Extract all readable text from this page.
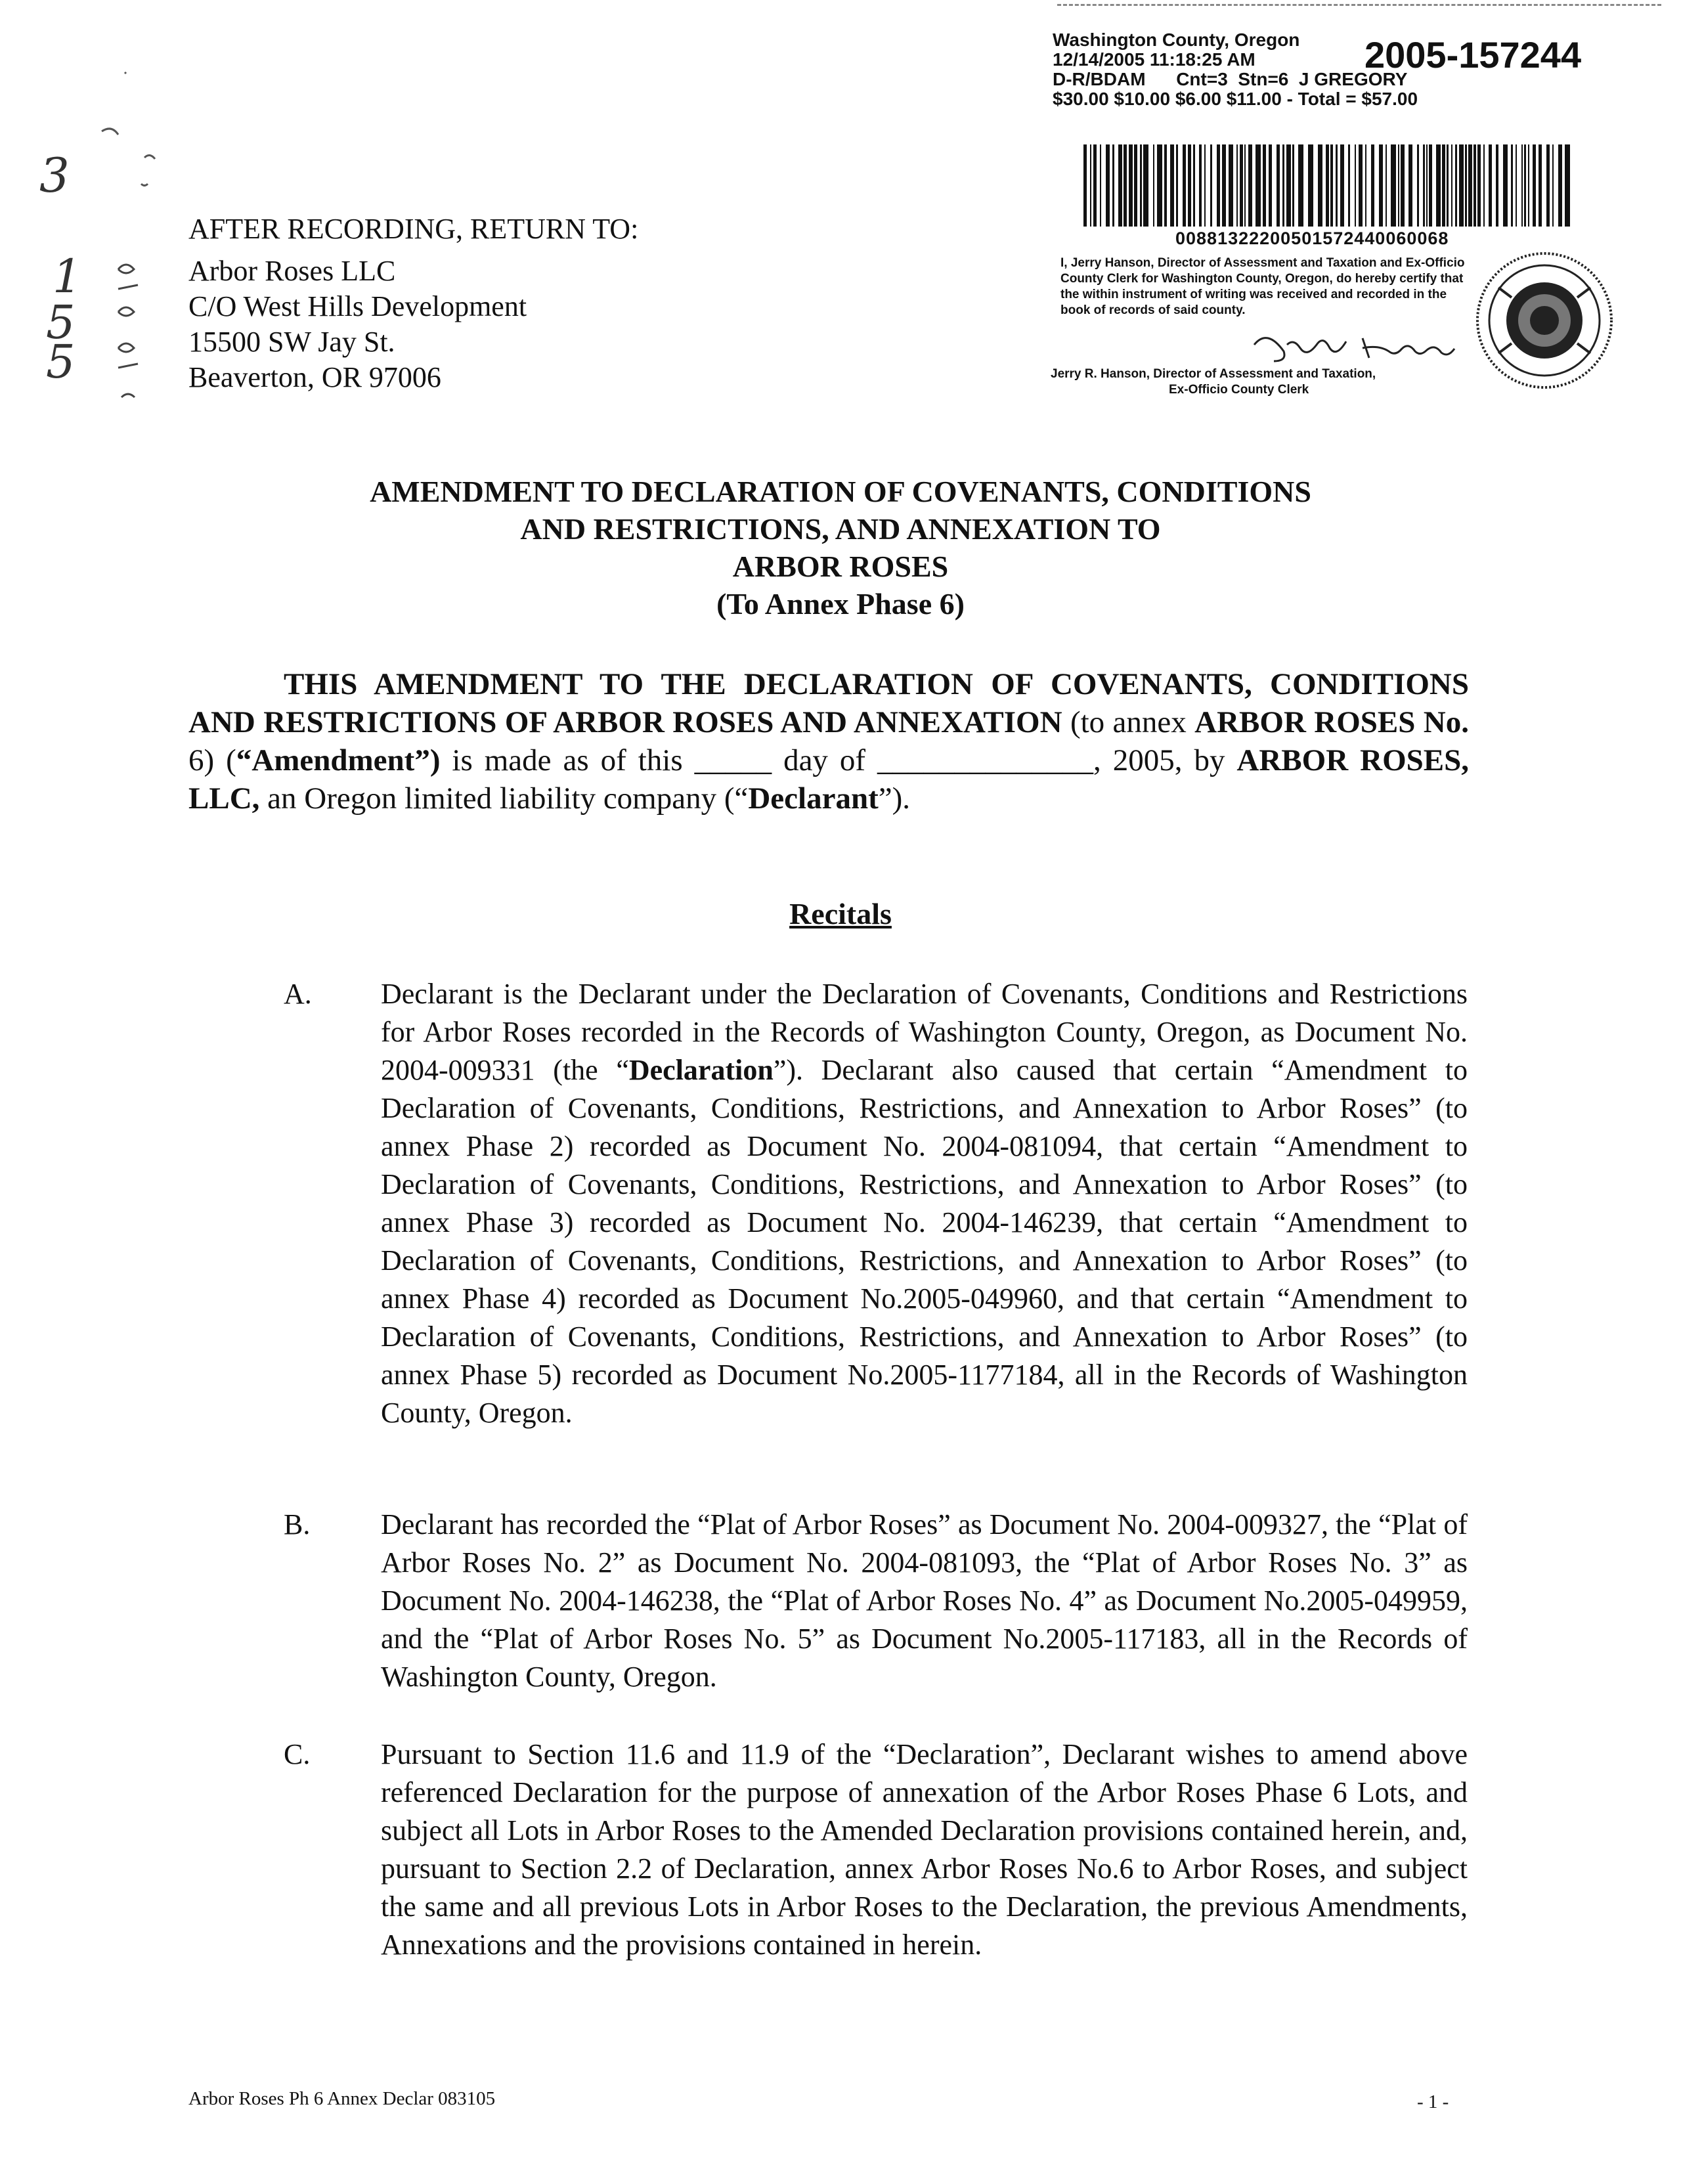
Washington County, Oregon
12/14/2005 11:18:25 AM
D-R/BDAM      Cnt=3  Stn=6  J GREGORY
$30.00 $10.00 $6.00 $11.00 - Total = $57.00
2005-157244
00881322200501572440060068
I, Jerry Hanson, Director of Assessment and Taxation and Ex-Officio County Clerk for Washington County, Oregon, do hereby certify that the within instrument of writing was received and recorded in the book of records of said county.
Jerry R. Hanson, Director of Assessment and Taxation,
Ex-Officio County Clerk
3
1
5
5
AFTER RECORDING, RETURN TO:
Arbor Roses LLC
C/O West Hills Development
15500 SW Jay St.
Beaverton, OR 97006
AMENDMENT TO DECLARATION OF COVENANTS, CONDITIONS
AND RESTRICTIONS, AND ANNEXATION TO
ARBOR ROSES
(To Annex Phase 6)
THIS AMENDMENT TO THE DECLARATION OF COVENANTS, CONDITIONS AND RESTRICTIONS OF ARBOR ROSES AND ANNEXATION (to annex ARBOR ROSES No. 6) (“Amendment”) is made as of this _____ day of ______________, 2005, by ARBOR ROSES, LLC, an Oregon limited liability company (“Declarant”).
Recitals
A. Declarant is the Declarant under the Declaration of Covenants, Conditions and Restrictions for Arbor Roses recorded in the Records of Washington County, Oregon, as Document No. 2004-009331 (the “Declaration”). Declarant also caused that certain “Amendment to Declaration of Covenants, Conditions, Restrictions, and Annexation to Arbor Roses” (to annex Phase 2) recorded as Document No. 2004-081094, that certain “Amendment to Declaration of Covenants, Conditions, Restrictions, and Annexation to Arbor Roses” (to annex Phase 3) recorded as Document No. 2004-146239, that certain “Amendment to Declaration of Covenants, Conditions, Restrictions, and Annexation to Arbor Roses” (to annex Phase 4) recorded as Document No.2005-049960, and that certain “Amendment to Declaration of Covenants, Conditions, Restrictions, and Annexation to Arbor Roses” (to annex Phase 5) recorded as Document No.2005-1177184, all in the Records of Washington County, Oregon.
B. Declarant has recorded the “Plat of Arbor Roses” as Document No. 2004-009327, the “Plat of Arbor Roses No. 2” as Document No. 2004-081093, the “Plat of Arbor Roses No. 3” as Document No. 2004-146238, the “Plat of Arbor Roses No. 4” as Document No.2005-049959, and the “Plat of Arbor Roses No. 5” as Document No.2005-117183, all in the Records of Washington County, Oregon.
C. Pursuant to Section 11.6 and 11.9 of the “Declaration”, Declarant wishes to amend above referenced Declaration for the purpose of annexation of the Arbor Roses Phase 6 Lots, and subject all Lots in Arbor Roses to the Amended Declaration provisions contained herein, and, pursuant to Section 2.2 of Declaration, annex Arbor Roses No.6 to Arbor Roses, and subject the same and all previous Lots in Arbor Roses to the Declaration, the previous Amendments, Annexations and the provisions contained in herein.
Arbor Roses Ph 6 Annex Declar 083105	- 1 -
